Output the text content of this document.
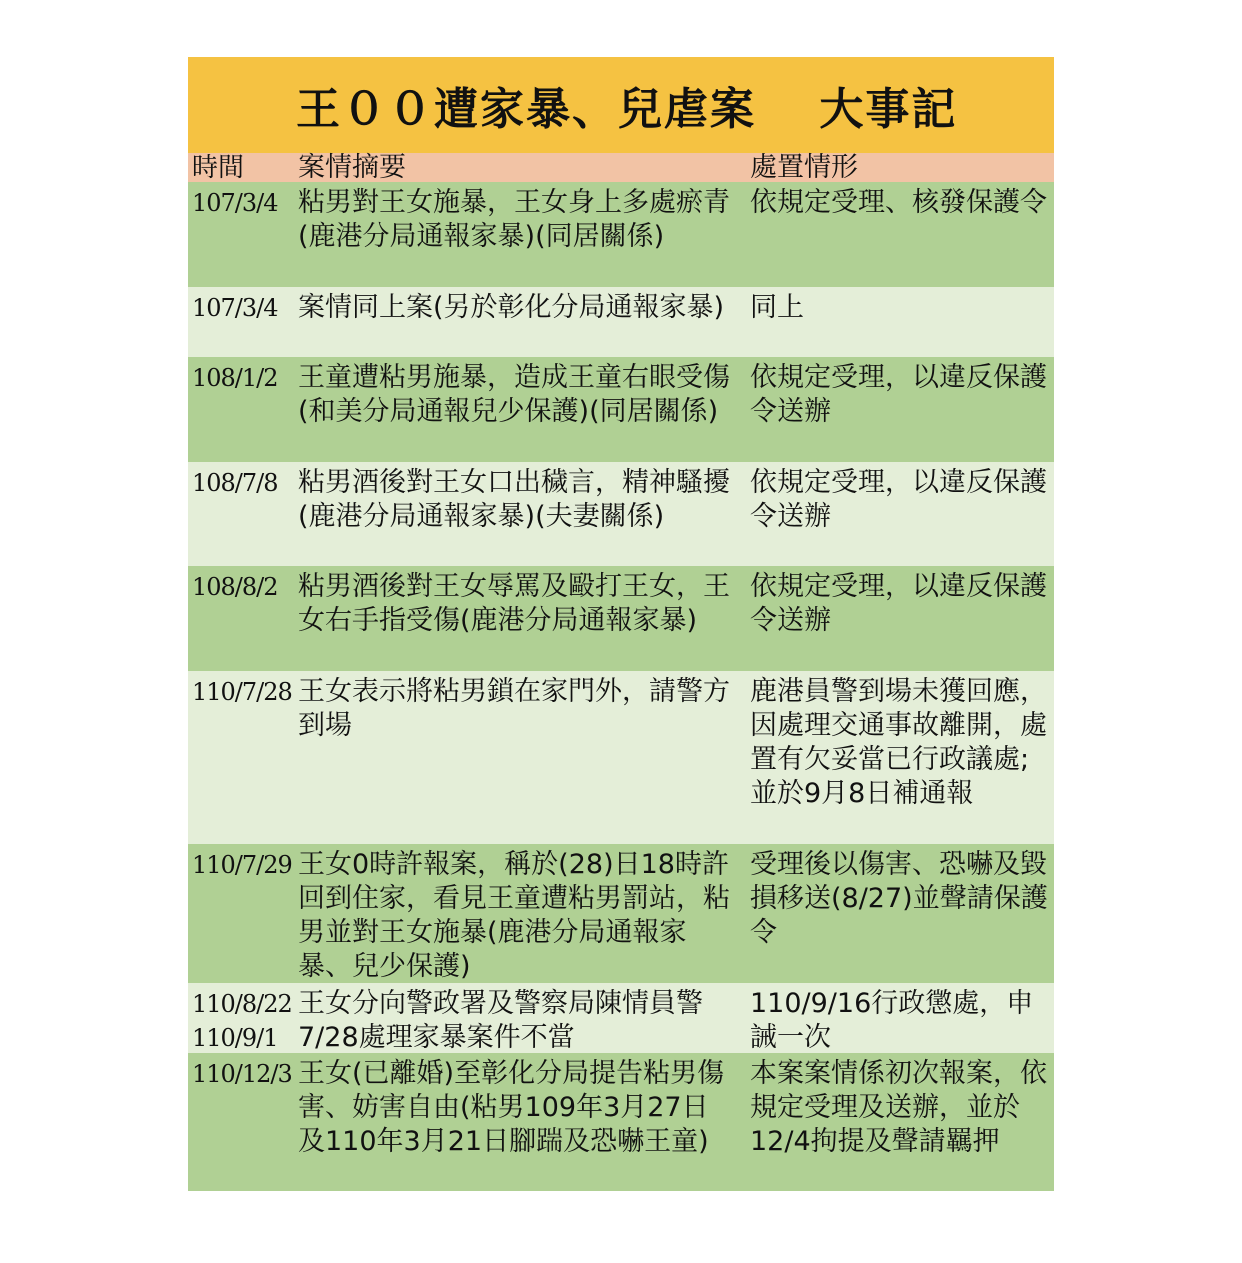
王００遭家暴、兒虐案　 大事記
時間	案情摘要	處置情形
107/3/4 粘男對王女施暴，王女身上多處瘀青(鹿港分局通報家暴)(同居關係)
依規定受理、核發保護令
107/3/4 案情同上案(另於彰化分局通報家暴) 同上
108/1/2 王童遭粘男施暴，造成王童右眼受傷(和美分局通報兒少保護)(同居關係)
依規定受理，以違反保護令送辦
108/7/8 粘男酒後對王女口出穢言，精神騷擾(鹿港分局通報家暴)(夫妻關係)
依規定受理，以違反保護令送辦
108/8/2 粘男酒後對王女辱罵及毆打王女，王女右手指受傷(鹿港分局通報家暴)
依規定受理，以違反保護令送辦
110/7/28 王女表示將粘男鎖在家門外，請警方到場
鹿港員警到場未獲回應，因處理交通事故離開，處置有欠妥當已行政議處;並於9月8日補通報
110/7/29 王女0時許報案，稱於(28)日18時許回到住家，看見王童遭粘男罰站，粘男並對王女施暴(鹿港分局通報家暴、兒少保護)
受理後以傷害、恐嚇及毀損移送(8/27)並聲請保護令
110/8/22
110/9/1
王女分向警政署及警察局陳情員警7/28處理家暴案件不當
110/9/16行政懲處，申誡一次
110/12/3 王女(已離婚)至彰化分局提告粘男傷害、妨害自由(粘男109年3月27日及110年3月21日腳踹及恐嚇王童)
本案案情係初次報案，依規定受理及送辦，並於12/4拘提及聲請羈押
